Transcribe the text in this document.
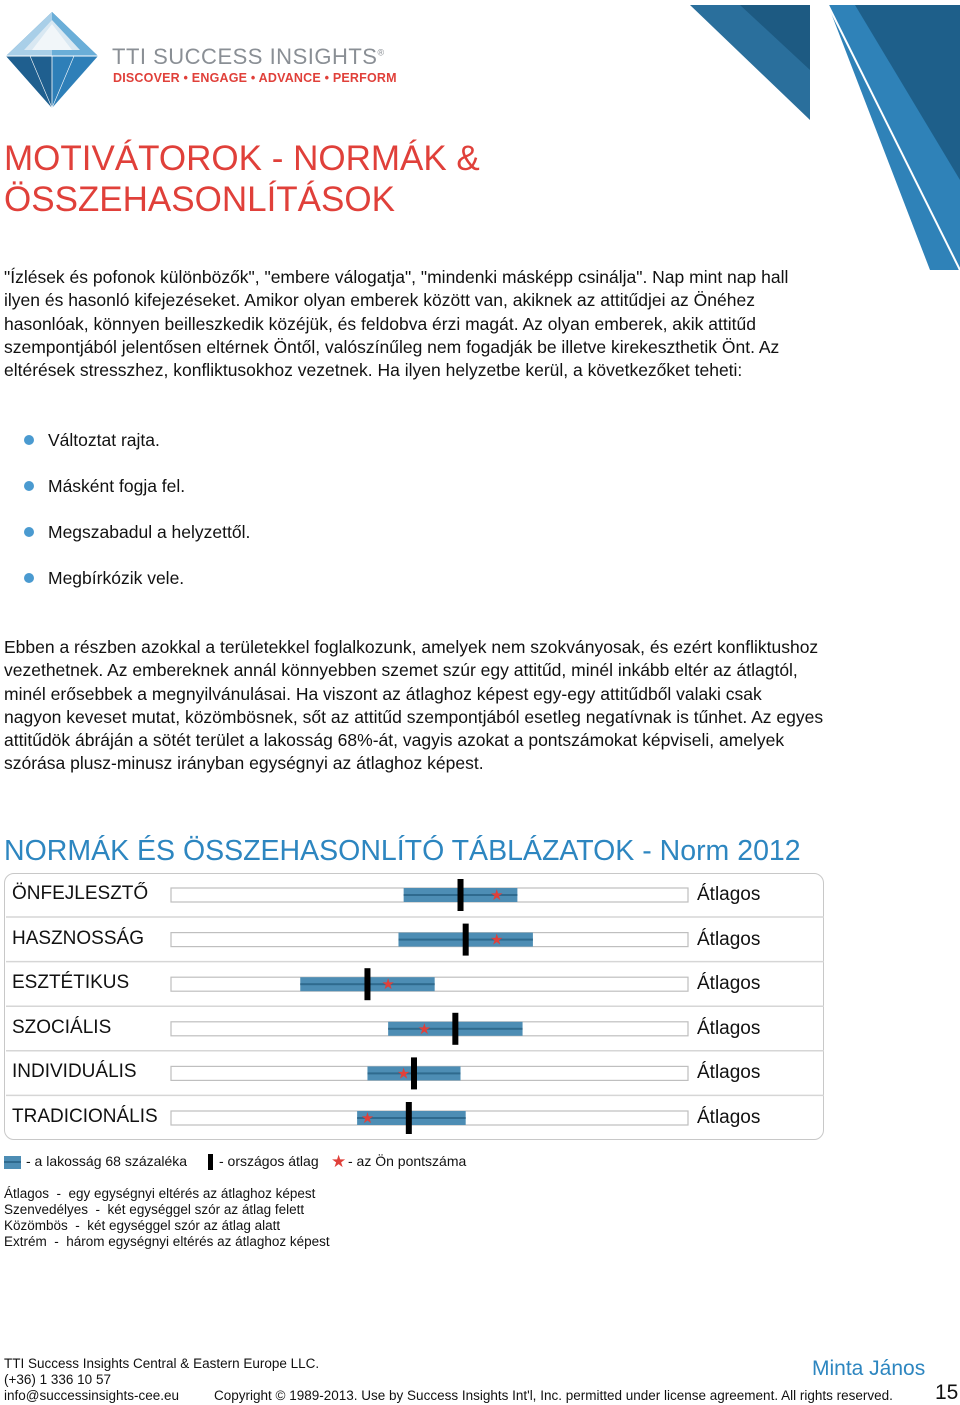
TTI SUCCESS INSIGHTS®
DISCOVER • ENGAGE • ADVANCE • PERFORM
MOTIVÁTOROK - NORMÁK & ÖSSZEHASONLÍTÁSOK
"Ízlések és pofonok különbözők", "embere válogatja", "mindenki másképp csinálja". Nap mint nap hall ilyen és hasonló kifejezéseket. Amikor olyan emberek között van, akiknek az attitűdjei az Önéhez hasonlóak, könnyen beilleszkedik közéjük, és feldobva érzi magát. Az olyan emberek, akik attitűd szempontjából jelentősen eltérnek Öntől, valószínűleg nem fogadják be illetve kirekeszthetik Önt. Az eltérések stresszhez, konfliktusokhoz vezetnek. Ha ilyen helyzetbe kerül, a következőket teheti:
Változtat rajta.
Másként fogja fel.
Megszabadul a helyzettől.
Megbírkózik vele.
Ebben a részben azokkal a területekkel foglalkozunk, amelyek nem szokványosak, és ezért konfliktushoz vezethetnek. Az embereknek annál könnyebben szemet szúr egy attitűd, minél inkább eltér az átlagtól, minél erősebbek a megnyilvánulásai. Ha viszont az átlaghoz képest egy-egy attitűdből valaki csak nagyon keveset mutat, közömbösnek, sőt az attitűd szempontjából esetleg negatívnak is tűnhet. Az egyes attitűdök ábráján a sötét terület a lakosság 68%-át, vagyis azokat a pontszámokat képviseli, amelyek szórása plusz-minusz irányban egységnyi az átlaghoz képest.
NORMÁK ÉS ÖSSZEHASONLÍTÓ TÁBLÁZATOK - Norm 2012
★
★
★
★
★
★
ÖNFEJLESZTŐ	Átlagos
HASZNOSSÁG	Átlagos
ESZTÉTIKUS	Átlagos
SZOCIÁLIS	Átlagos
INDIVIDUÁLIS	Átlagos
TRADICIONÁLIS	Átlagos
- a lakosság 68 százaléka - országos átlag ★ - az Ön pontszáma
Átlagos  -  egy egységnyi eltérés az átlaghoz képest
Szenvedélyes  -  két egységgel szór az átlag felett
Közömbös  -  két egységgel szór az átlag alatt
Extrém  -  három egységnyi eltérés az átlaghoz képest
TTI Success Insights Central & Eastern Europe LLC.
(+36) 1 336 10 57
info@successinsights-cee.eu	Copyright © 1989-2013. Use by Success Insights Int'l, Inc. permitted under license agreement. All rights reserved.
Minta János
15
